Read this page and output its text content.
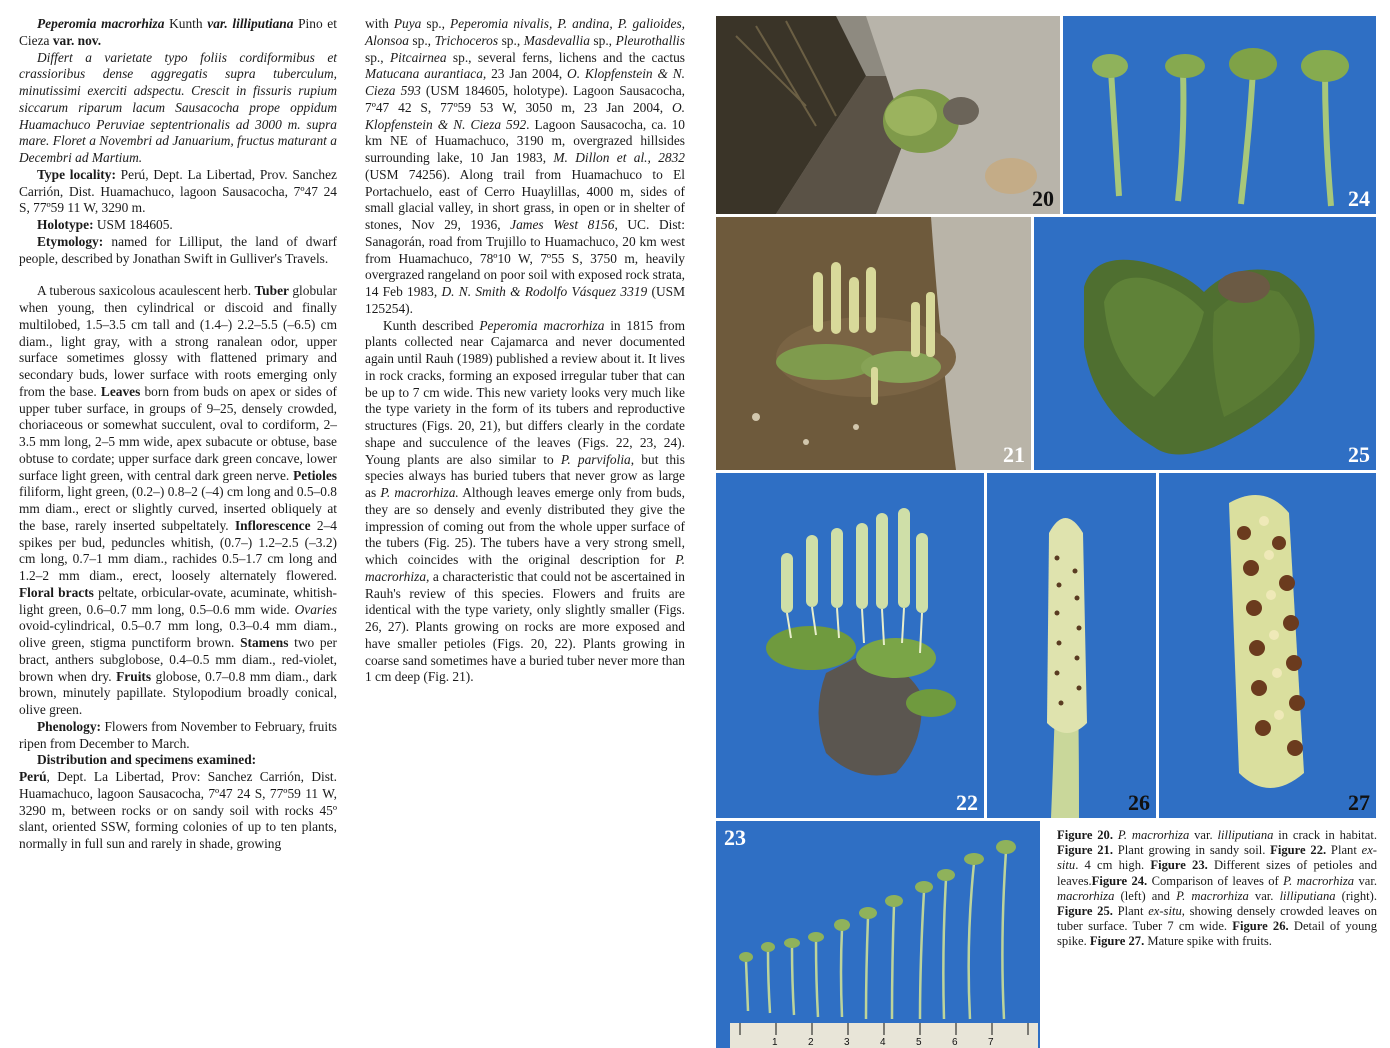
Peperomia macrorhiza Kunth var. lilliputiana Pino et Cieza var. nov.

Differt a varietate typo foliis cordiformibus et crassioribus dense aggregatis supra tuberculum, minutissimi exerciti adspectu. Crescit in fissuris rupium siccarum riparum lacum Sausacocha prope oppidum Huamachuco Peruviae septentrionalis ad 3000 m. supra mare. Floret a Novembri ad Januarium, fructus maturant a Decembri ad Martium.

Type locality: Perú, Dept. La Libertad, Prov. Sanchez Carrión, Dist. Huamachuco, lagoon Sausacocha, 7º47 24 S, 77º59 11 W, 3290 m.

Holotype: USM 184605.

Etymology: named for Lilliput, the land of dwarf people, described by Jonathan Swift in Gulliver's Travels.

A tuberous saxicolous acaulescent herb. Tuber globular when young, then cylindrical or discoid and finally multilobed, 1.5–3.5 cm tall and (1.4–) 2.2–5.5 (–6.5) cm diam., light gray, with a strong ranalean odor, upper surface sometimes glossy with flattened primary and secondary buds, lower surface with roots emerging only from the base. Leaves born from buds on apex or sides of upper tuber surface, in groups of 9–25, densely crowded, choriaceous or somewhat succulent, oval to cordiform, 2–3.5 mm long, 2–5 mm wide, apex subacute or obtuse, base obtuse to cordate; upper surface dark green concave, lower surface light green, with central dark green nerve. Petioles filiform, light green, (0.2–) 0.8–2 (–4) cm long and 0.5–0.8 mm diam., erect or slightly curved, inserted obliquely at the base, rarely inserted subpeltately. Inflorescence 2–4 spikes per bud, peduncles whitish, (0.7–) 1.2–2.5 (–3.2) cm long, 0.7–1 mm diam., rachides 0.5–1.7 cm long and 1.2–2 mm diam., erect, loosely alternately flowered. Floral bracts peltate, orbicular-ovate, acuminate, whitish-light green, 0.6–0.7 mm long, 0.5–0.6 mm wide. Ovaries ovoid-cylindrical, 0.5–0.7 mm long, 0.3–0.4 mm diam., olive green, stigma punctiform brown. Stamens two per bract, anthers subglobose, 0.4–0.5 mm diam., red-violet, brown when dry. Fruits globose, 0.7–0.8 mm diam., dark brown, minutely papillate. Stylopodium broadly conical, olive green.

Phenology: Flowers from November to February, fruits ripen from December to March.

Distribution and specimens examined:

Perú, Dept. La Libertad, Prov: Sanchez Carrión, Dist. Huamachuco, lagoon Sausacocha, 7º47 24 S, 77º59 11 W, 3290 m, between rocks or on sandy soil with rocks 45º slant, oriented SSW, forming colonies of up to ten plants, normally in full sun and rarely in shade, growing

with Puya sp., Peperomia nivalis, P. andina, P. galioides, Alonsoa sp., Trichoceros sp., Masdevallia sp., Pleurothallis sp., Pitcairnea sp., several ferns, lichens and the cactus Matucana aurantiaca, 23 Jan 2004, O. Klopfenstein & N. Cieza 593 (USM 184605, holotype). Lagoon Sausacocha, 7º47 42 S, 77º59 53 W, 3050 m, 23 Jan 2004, O. Klopfenstein & N. Cieza 592. Lagoon Sausacocha, ca. 10 km NE of Huamachuco, 3190 m, overgrazed hillsides surrounding lake, 10 Jan 1983, M. Dillon et al., 2832 (USM 74256). Along trail from Huamachuco to El Portachuelo, east of Cerro Huaylillas, 4000 m, sides of small glacial valley, in short grass, in open or in shelter of stones, Nov 29, 1936, James West 8156, UC. Dist: Sanagorán, road from Trujillo to Huamachuco, 20 km west from Huamachuco, 78º10 W, 7º55 S, 3750 m, heavily overgrazed rangeland on poor soil with exposed rock strata, 14 Feb 1983, D. N. Smith & Rodolfo Vásquez 3319 (USM 125254).

Kunth described Peperomia macrorhiza in 1815 from plants collected near Cajamarca and never documented again until Rauh (1989) published a review about it. It lives in rock cracks, forming an exposed irregular tuber that can be up to 7 cm wide. This new variety looks very much like the type variety in the form of its tubers and reproductive structures (Figs. 20, 21), but differs clearly in the cordate shape and succulence of the leaves (Figs. 22, 23, 24). Young plants are also similar to P. parvifolia, but this species always has buried tubers that never grow as large as P. macrorhiza. Although leaves emerge only from buds, they are so densely and evenly distributed they give the impression of coming out from the whole upper surface of the tubers (Fig. 25). The tubers have a very strong smell, which coincides with the original description for P. macrorhiza, a characteristic that could not be ascertained in Rauh's review of this species. Flowers and fruits are identical with the type variety, only slightly smaller (Figs. 26, 27). Plants growing on rocks are more exposed and have smaller petioles (Figs. 20, 22). Plants growing in coarse sand sometimes have a buried tuber never more than 1 cm deep (Fig. 21).

20	24
21	25
22	26	27
1	2	3	4	5	6	7
23	Figure 20. P. macrorhiza var. lilliputiana in crack in habitat. Figure 21. Plant growing in sandy soil. Figure 22. Plant ex-situ. 4 cm high. Figure 23. Different sizes of petioles and leaves.Figure 24. Comparison of leaves of P. macrorhiza var. macrorhiza (left) and P. macrorhiza var. lilliputiana (right). Figure 25. Plant ex-situ, showing densely crowded leaves on tuber surface. Tuber 7 cm wide. Figure 26. Detail of young spike. Figure 27. Mature spike with fruits.
